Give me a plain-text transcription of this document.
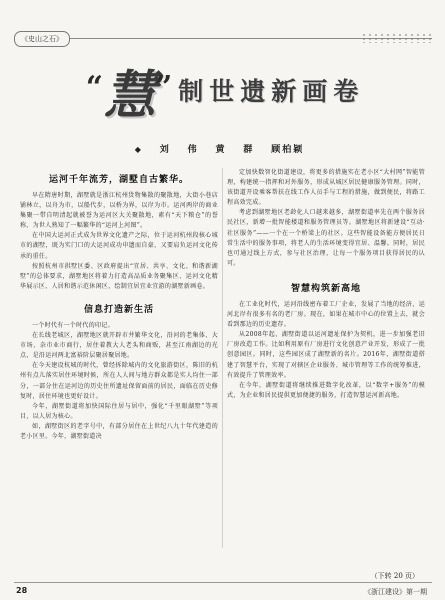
《史山之石》
“ 慧 ” 制世遗新画卷
◆ 刘 伟 黄 群 顾柏颖
运河千年流芳，湖墅自古繁华。

早在隋唐时期，湖墅就是浙江杭州货物集散的聚散地，大街小巷店铺林立，以舟为市，以船代步，以桥为界，以岸为市。运河两岸的商业集聚一带自明清起就被誉为运河区大关聚散地，素有“天下粮仓”的誉称，为世人熟知了一幅繁华的“运河上河图”。

在中国大运河正式成为世界文化遗产之际，位于运河杭州段核心城市的湖墅，既为实门口的大运河成功申遗而自豪，又要肩负运河文化传承的重任。

按照杭州市拱墅区委、区政府提出“宜居、共享、文化、和谐新湖墅”的总体要求，湖墅地区将着力打造高品质业务聚集区、运河文化精华展示区、人居和谐示范休闲区，绘制宜居宜业宜游的湖墅新画卷。

信息打造新生活

一个时代有一个时代的印记。

在长线老城区，湖墅地区就开辟市井繁华文化，沿河的老集体、大市场、杂市业市商行，居住着教大人老头和商贩，甚至江南湖边的光点，是沿运河两北富裕阶层聚居聚居地。

在今天建设杭城的时代，曾经拆除城内的文化旅游街区，陈旧的杭州有点儿落实居住环境时候，所在人人间与地方群众都是实人均住一部分，一部分住在运河边的历史住所遗址保留面前的居民，面临在历史修复时，居住环境也更好设计。

今年，湖墅街道将加快国际住居与居中，强化“千里眼湖墅”等项目，以人居为核心。

如，湖墅街区的老字号中，有部分居住在上世纪八九十年代建造的老小区里。今年，湖墅街道决

定加快数智化街道建设，将更多的措施实在老小区“大村网”智能管理，构建统一指挥和对外服务，形成从城区居民健康服务管理。同时，该街道开设乘客帮扶在线工作人员手与工程的措施，做到便民，将路工程高效完成。

考虑到湖墅地区老龄化人口越来越多，湖墅街道率先在两个服务居民社区，新增一批智能楼道和服务管理员等。湖墅地区将新建设“互动·社区服务”——一个在一个桥梁上的社区。这些智能设备能方便居民日常生活中的服务事项，将老人的生活环境变得宜居、温馨。同时，居民也可通过线上方式，参与社区治理，让每一个服务项目获得居民的认可。

智慧构筑新高地

在工业化时代，运河沿线密布着工厂企业，发展了当地的经济，运河北岸有很多有名的老厂房。现在，如果在城市中心的位置上去，就会看到那边的历史遗存。

从2008年起，湖墅街道以运河遗址保护为契机，进一步加强老旧厂房改造工作。比如利用原有厂房进行文化创意产业开发，形成了一批创意园区。同时，这些园区成了湖墅新的名片。2016年，湖墅街道搭建了智慧平台，实现了对辖区企业服务、城市管理等工作的统筹推进，有效提升了管理效率。

在今年，湖墅街道将继续推进数字化改革，以“数字+服务”的模式，为企业和居民提供更加便捷的服务，打造智慧运河新高地。

（下转 20 页）
28	《浙江建设》第一期
